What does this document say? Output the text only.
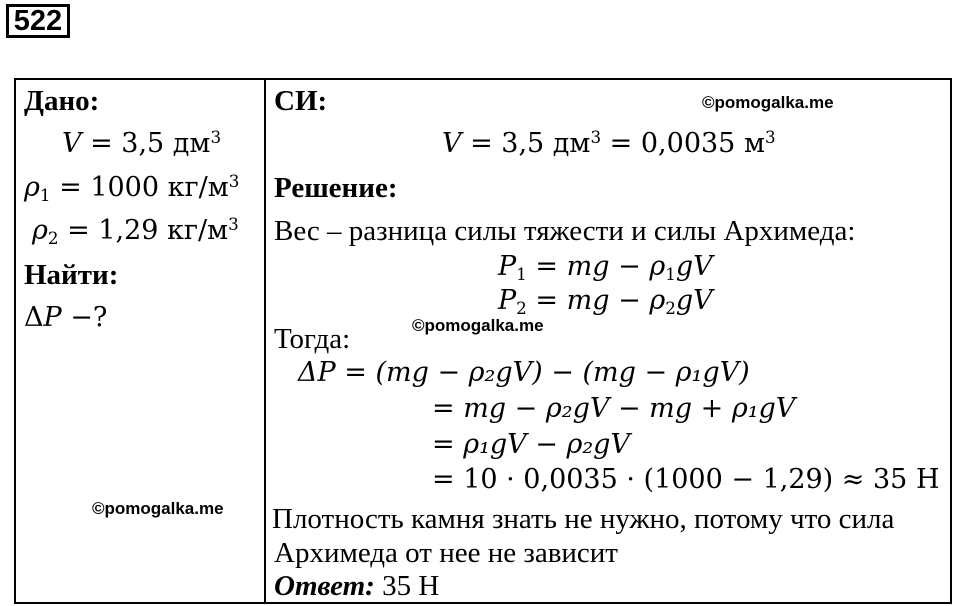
522
Дано:
V = 3,5 $дм^3$
$\rho_1 = 1000$ $кг/м^3$
$\rho_2 = 1,29$ $кг/м^3$
Найти:
ΔP −?
СИ:
V = 3,5 $дм^3 = 0,0035$ $м^3$
Решение:
Вес – разница силы тяжести и силы Архимеда:
$P_1$ = mg − $\rho_1gV$
$P_2$ = mg − $\rho_2gV$
Тогда:
ΔP = (mg − ρ₂gV) − (mg − ρ₁gV)
= mg − ρ₂gV − mg + ρ₁gV
= ρ₁gV − ρ₂gV
= 10 · 0,0035 · (1000 − 1,29) ≈ 35 Н
Плотность камня знать не нужно, потому что сила
Архимеда от нее не зависит
Ответ: 35 Н
©pomogalka.me
©pomogalka.me
©pomogalka.me
